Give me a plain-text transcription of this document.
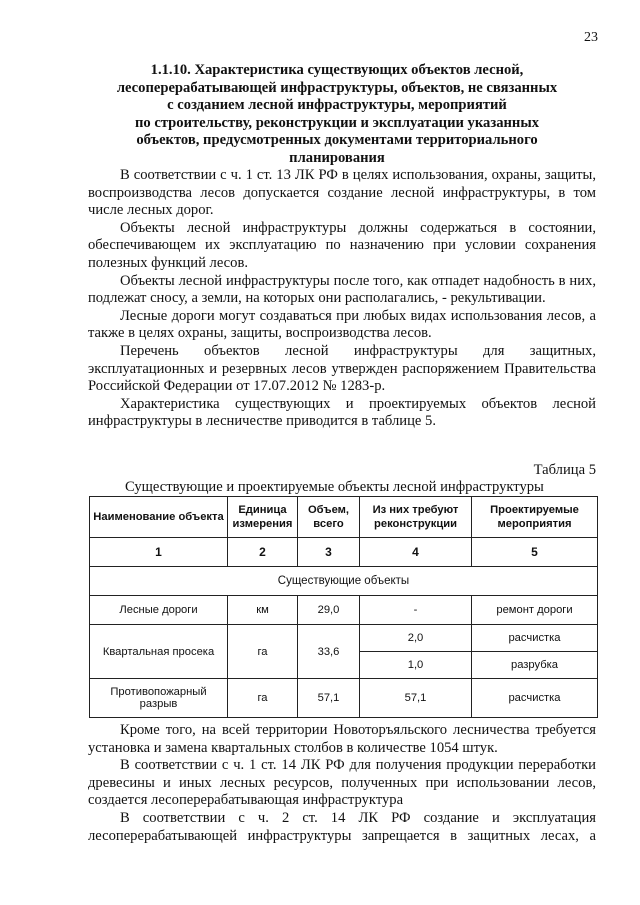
23
1.1.10. Характеристика существующих объектов лесной,
лесоперерабатывающей инфраструктуры, объектов, не связанных
с созданием лесной инфраструктуры, мероприятий
по строительству, реконструкции и эксплуатации указанных
объектов, предусмотренных документами территориального
планирования

В соответствии с ч. 1 ст. 13 ЛК РФ в целях использования, охраны, защиты, воспроизводства лесов допускается создание лесной инфраструктуры, в том числе лесных дорог.

Объекты лесной инфраструктуры должны содержаться в состоянии, обеспечивающем их эксплуатацию по назначению при условии сохранения полезных функций лесов.

Объекты лесной инфраструктуры после того, как отпадет надобность в них, подлежат сносу, а земли, на которых они располагались, - рекультивации.

Лесные дороги могут создаваться при любых видах использования лесов, а также в целях охраны, защиты, воспроизводства лесов.

Перечень объектов лесной инфраструктуры для защитных, эксплуатационных и резервных лесов утвержден распоряжением Правительства Российской Федерации от 17.07.2012 № 1283-р.

Характеристика существующих и проектируемых объектов лесной инфраструктуры в лесничестве приводится в таблице 5.

Таблица 5
Существующие и проектируемые объекты лесной инфраструктуры
Наименование объекта	Единица измерения	Объем, всего	Из них требуют реконструкции	Проектируемые мероприятия
1	2	3	4	5
Существующие объекты				
Лесные дороги	км	29,0	-	ремонт дороги
Квартальная просека	га	33,6	2,0	расчистка
			1,0	разрубка
Противопожарный разрыв	га	57,1	57,1	расчистка

Кроме того, на всей территории Новоторъяльского лесничества требуется установка и замена квартальных столбов в количестве 1054 штук.

В соответствии с ч. 1 ст. 14 ЛК РФ для получения продукции переработки древесины и иных лесных ресурсов, полученных при использовании лесов, создается лесоперерабатывающая инфраструктура

В соответствии с ч. 2 ст. 14 ЛК РФ создание и эксплуатация лесоперерабатывающей инфраструктуры запрещается в защитных лесах, а
